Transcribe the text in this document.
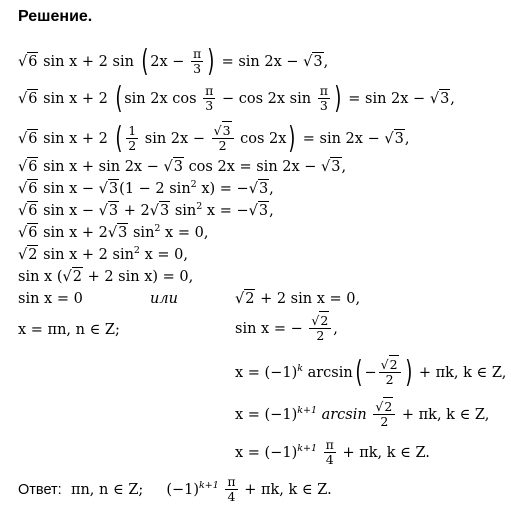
Решение.
√6 sin x + 2 sin ( $2x - \frac{\pi}{3}$ ) = sin 2x − √3,
√6 sin x + 2 ( sin 2x $\cos \frac{\pi}{3} - \cos 2x$ $\sin \frac{\pi}{3}$ ) = sin 2x − √3,
√6 sin x + 2 ( $\frac{1}{2}$ $\sin 2x - \frac{√3}{2}$ cos 2x) = sin 2x − √3,
√6 sin x + sin 2x − √3 cos 2x = sin 2x − √3,
√6 sin x − √3(1 − 2 $\sin^2 x) = -√3$,
√6 sin x − √3 + 2√3 $\sin^2 x = -√3$,
√6 sin x + 2√3 $\sin^2 x = 0$,
√2 sin x + 2 $\sin^2 x = 0$,
sin x (√2 + 2 sin x) = 0,
sin x = 0	или	√2 + 2 sin x = 0,
x = πn, n ∈ Z;	sin x = − $\frac{√2}{2}$ ,
$x = (-1)^k$ $\arcsin( - \frac{√2}{2}$ ) + πk, k ∈ Z,
$x = (-1)^{k+1}$ $\arcsin \frac{√2}{2} + \pi k$, k ∈ Z,
$x = (-1)^{k+1} \frac{\pi}{4} + \pi k$, k ∈ Z.
Ответ: πn, n ∈ Z; $(-1)^{k+1} \frac{\pi}{4} + \pi k$, k ∈ Z.
